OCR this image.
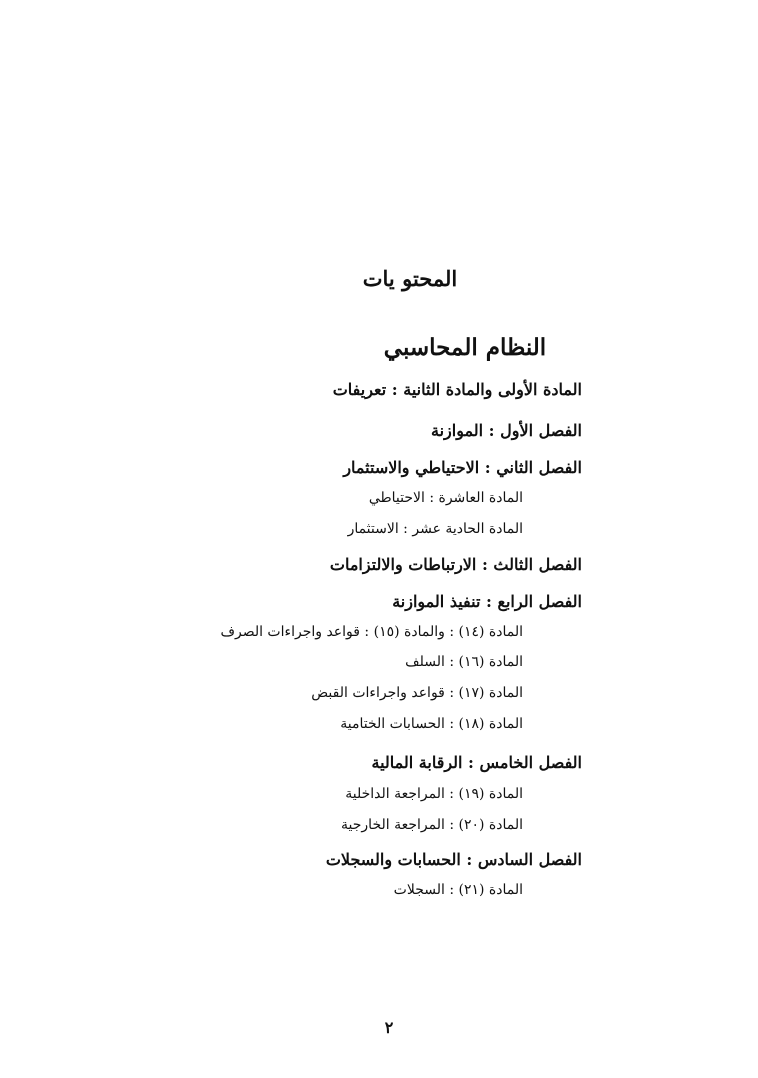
المحتو يات
النظام المحاسبي
المادة الأولى والمادة الثانية : تعريفات
الفصل الأول : الموازنة
الفصل الثاني : الاحتياطي والاستثمار
المادة العاشرة : الاحتياطي
المادة الحادية عشر : الاستثمار
الفصل الثالث : الارتباطات والالتزامات
الفصل الرابع : تنفيذ الموازنة
المادة (١٤) : والمادة (١٥) : قواعد واجراءات الصرف
المادة (١٦) : السلف
المادة (١٧) : قواعد واجراءات القبض
المادة (١٨) : الحسابات الختامية
الفصل الخامس : الرقابة المالية
المادة (١٩) : المراجعة الداخلية
المادة (٢٠) : المراجعة الخارجية
الفصل السادس : الحسابات والسجلات
المادة (٢١) : السجلات
٢
